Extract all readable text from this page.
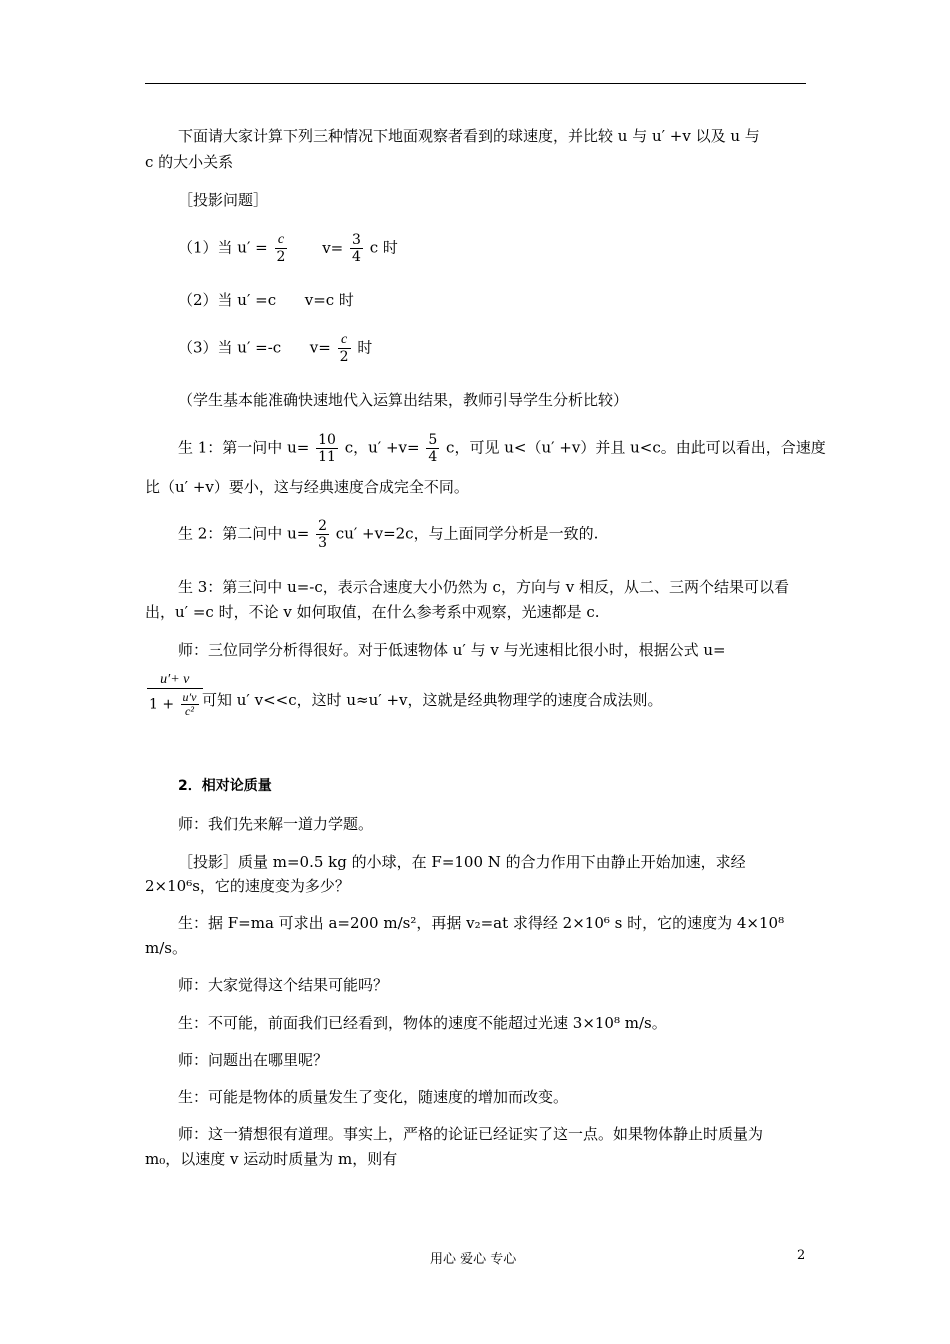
下面请大家计算下列三种情况下地面观察者看到的球速度，并比较 u 与 u′ +v 以及 u 与
c 的大小关系
［投影问题］
（1）当 $u' = \frac{c}{2} v= \frac{3}{4}$ c 时
（2）当 u′ =c      v=c 时
（3）当 u′ =-c      $v= \frac{c}{2}$ 时
（学生基本能准确快速地代入运算出结果，教师引导学生分析比较）
生 1：第一问中 $u= \frac{10}{11}$ c，$u' +v= \frac{5}{4}$ c，可见 u<（u′ +v）并且 u<c。由此可以看出，合速度
比（u′ +v）要小，这与经典速度合成完全不同。
生 2：第二问中 $u= \frac{2}{3} cu' +v=2c$，与上面同学分析是一致的.
生 3：第三问中 u=-c，表示合速度大小仍然为 c，方向与 v 相反，从二、三两个结果可以看
出，u′ =c 时，不论 v 如何取值，在什么参考系中观察，光速都是 c.
师：三位同学分析得很好。对于低速物体 u′ 与 v 与光速相比很小时，根据公式 u=
$\frac{u'+ v}{1 + \frac{u'v}{\text{c²}}}$ 可知 u′ v<<c，这时 u≈u′ +v，这就是经典物理学的速度合成法则。
2．相对论质量
师：我们先来解一道力学题。
［投影］质量 m=0.5 kg 的小球，在 F=100 N 的合力作用下由静止开始加速，求经
2×10⁶s，它的速度变为多少？
生：据 F=ma 可求出 a=200 m/s²，再据 v₂=at 求得经 2×10⁶ s 时，它的速度为 4×10⁸
m/s。
师：大家觉得这个结果可能吗？
生：不可能，前面我们已经看到，物体的速度不能超过光速 3×10⁸ m/s。
师：问题出在哪里呢？
生：可能是物体的质量发生了变化，随速度的增加而改变。
师：这一猜想很有道理。事实上，严格的论证已经证实了这一点。如果物体静止时质量为
m₀，以速度 v 运动时质量为 m，则有
用心 爱心 专心	2
